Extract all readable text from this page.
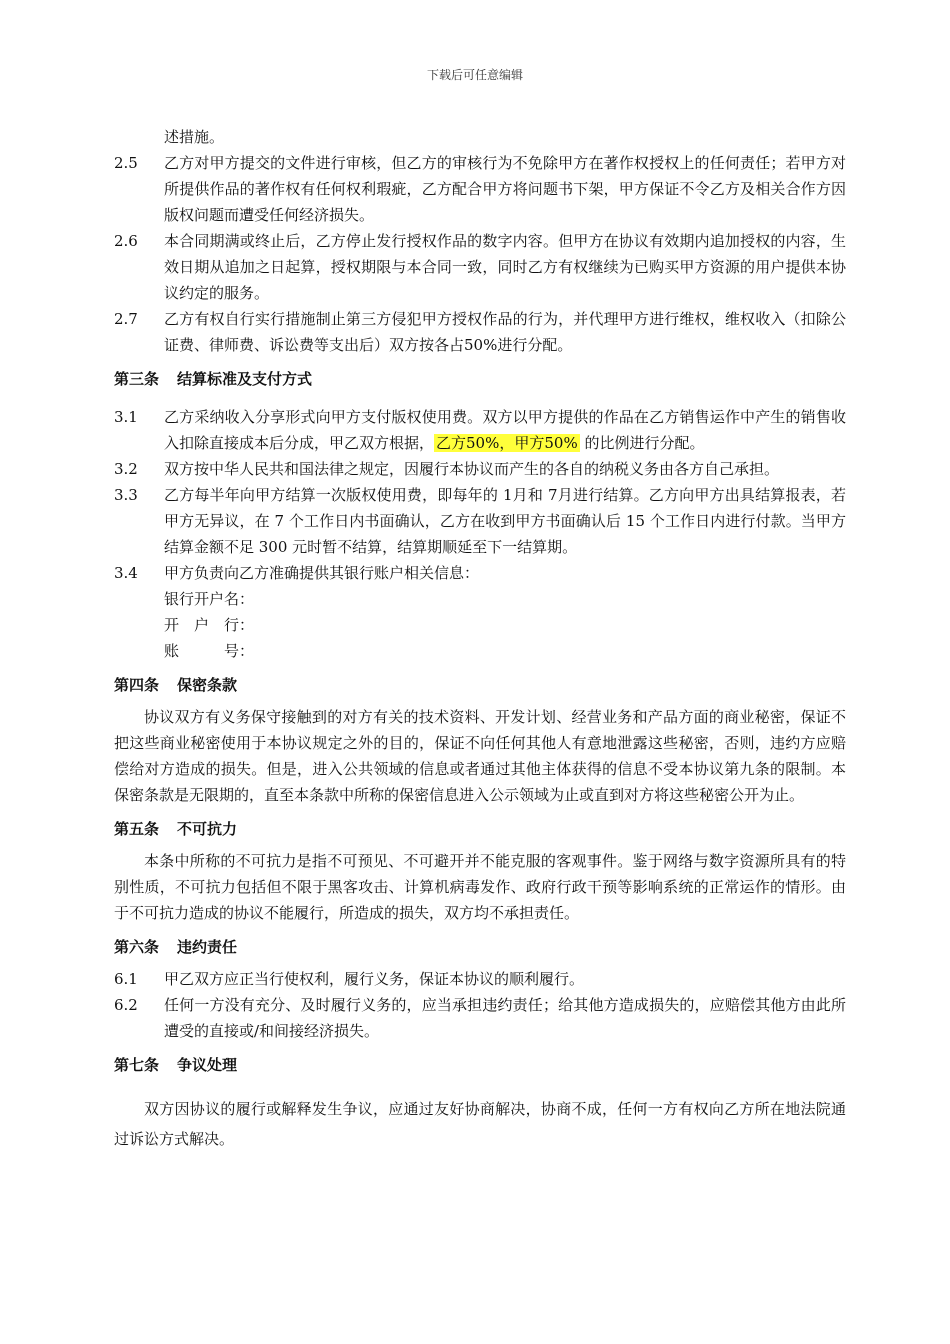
下载后可任意编辑
述措施。
2.5	乙方对甲方提交的文件进行审核，但乙方的审核行为不免除甲方在著作权授权上的任何责任；若甲方对所提供作品的著作权有任何权利瑕疵，乙方配合甲方将问题书下架，甲方保证不令乙方及相关合作方因版权问题而遭受任何经济损失。
2.6	本合同期满或终止后，乙方停止发行授权作品的数字内容。但甲方在协议有效期内追加授权的内容，生效日期从追加之日起算，授权期限与本合同一致，同时乙方有权继续为已购买甲方资源的用户提供本协议约定的服务。
2.7	乙方有权自行实行措施制止第三方侵犯甲方授权作品的行为，并代理甲方进行维权，维权收入（扣除公证费、律师费、诉讼费等支出后）双方按各占50%进行分配。
第三条 结算标准及支付方式
3.1	乙方采纳收入分享形式向甲方支付版权使用费。双方以甲方提供的作品在乙方销售运作中产生的销售收入扣除直接成本后分成，甲乙双方根据， 乙方50%，甲方50% 的比例进行分配。
3.2	双方按中华人民共和国法律之规定，因履行本协议而产生的各自的纳税义务由各方自己承担。
3.3	乙方每半年向甲方结算一次版权使用费，即每年的 1月和 7月进行结算。乙方向甲方出具结算报表，若甲方无异议，在 7 个工作日内书面确认，乙方在收到甲方书面确认后 15 个工作日内进行付款。当甲方结算金额不足 300 元时暂不结算，结算期顺延至下一结算期。
3.4	甲方负责向乙方准确提供其银行账户相关信息：
银行开户名：
开　户　行：
账　　　号：
第四条 保密条款
协议双方有义务保守接触到的对方有关的技术资料、开发计划、经营业务和产品方面的商业秘密，保证不把这些商业秘密使用于本协议规定之外的目的，保证不向任何其他人有意地泄露这些秘密，否则，违约方应赔偿给对方造成的损失。但是，进入公共领域的信息或者通过其他主体获得的信息不受本协议第九条的限制。本保密条款是无限期的，直至本条款中所称的保密信息进入公示领域为止或直到对方将这些秘密公开为止。
第五条 不可抗力
本条中所称的不可抗力是指不可预见、不可避开并不能克服的客观事件。鉴于网络与数字资源所具有的特别性质，不可抗力包括但不限于黑客攻击、计算机病毒发作、政府行政干预等影响系统的正常运作的情形。由于不可抗力造成的协议不能履行，所造成的损失，双方均不承担责任。
第六条 违约责任
6.1	甲乙双方应正当行使权利，履行义务，保证本协议的顺利履行。
6.2	任何一方没有充分、及时履行义务的，应当承担违约责任；给其他方造成损失的，应赔偿其他方由此所遭受的直接或/和间接经济损失。
第七条 争议处理
双方因协议的履行或解释发生争议，应通过友好协商解决，协商不成，任何一方有权向乙方所在地法院通过诉讼方式解决。
